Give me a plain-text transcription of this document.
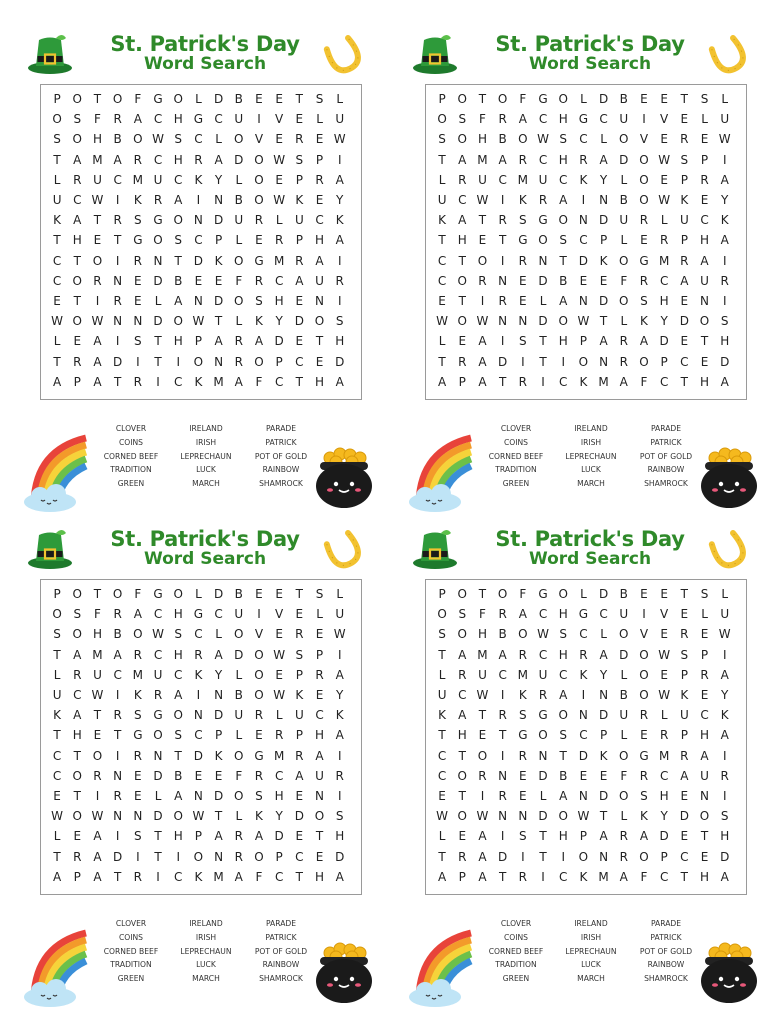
St. Patrick's Day
Word Search
P O T O	F	G O	L	D B	E	E	T	S	L
O S	F	R A C H G C U	I	V	E	L	U
S O H B O W S	C	L	O V	E	R	E W
T	A M A R C H R A D O W S	P	I
L	R U C M U C	K	Y	L	O E	P	R A
U C W	I	K	R A	I	N B O W K	E	Y
K	A	T	R	S G O N D U R	L	U C	K
T	H E	T G O S	C	P	L	E	R	P	H A
C	T O	I	R N	T D K O G M R A	I
C O R N E D B	E	E	F	R C A U R
E	T	I	R	E	L	A N D O S H E N	I
W O W N N D O W T	L	K	Y D O S
L	E	A	I	S	T	H	P	A R A D E	T	H
T	R A D	I	T	I	O N R O P	C	E D
A	P	A	T	R	I	C	K M A	F	C	T	H A
CLOVER
COINS
CORNED BEEF
TRADITION
GREEN
IRELAND
IRISH
LEPRECHAUN
LUCK
MARCH
PARADE
PATRICK
POT OF GOLD
RAINBOW
SHAMROCK
St. Patrick's Day
Word Search
P O T O	F	G O	L	D B	E	E	T	S	L
O S	F	R A C H G C U	I	V	E	L	U
S O H B O W S	C	L	O V	E	R	E W
T	A M A R C H R A D O W S	P	I
L	R U C M U C	K	Y	L	O E	P	R A
U C W	I	K	R A	I	N B O W K	E	Y
K	A	T	R	S G O N D U R	L	U C	K
T	H E	T G O S	C	P	L	E	R	P	H A
C	T O	I	R N	T D K O G M R A	I
C O R N E D B	E	E	F	R C A U R
E	T	I	R	E	L	A N D O S H E N	I
W O W N N D O W T	L	K	Y D O S
L	E	A	I	S	T	H	P	A R A D E	T	H
T	R A D	I	T	I	O N R O P	C	E D
A	P	A	T	R	I	C	K M A	F	C	T	H A
CLOVER
COINS
CORNED BEEF
TRADITION
GREEN
IRELAND
IRISH
LEPRECHAUN
LUCK
MARCH
PARADE
PATRICK
POT OF GOLD
RAINBOW
SHAMROCK
St. Patrick's Day
Word Search
P O T O	F	G O	L	D B	E	E	T	S	L
O S	F	R A C H G C U	I	V	E	L	U
S O H B O W S	C	L	O V	E	R	E W
T	A M A R C H R A D O W S	P	I
L	R U C M U C	K	Y	L	O E	P	R A
U C W	I	K	R A	I	N B O W K	E	Y
K	A	T	R	S G O N D U R	L	U C	K
T	H E	T G O S	C	P	L	E	R	P	H A
C	T O	I	R N	T D K O G M R A	I
C O R N E D B	E	E	F	R C A U R
E	T	I	R	E	L	A N D O S H E N	I
W O W N N D O W T	L	K	Y D O S
L	E	A	I	S	T	H	P	A R A D E	T	H
T	R A D	I	T	I	O N R O P	C	E D
A	P	A	T	R	I	C	K M A	F	C	T	H A
CLOVER
COINS
CORNED BEEF
TRADITION
GREEN
IRELAND
IRISH
LEPRECHAUN
LUCK
MARCH
PARADE
PATRICK
POT OF GOLD
RAINBOW
SHAMROCK
St. Patrick's Day
Word Search
P O T O	F	G O	L	D B	E	E	T	S	L
O S	F	R A C H G C U	I	V	E	L	U
S O H B O W S	C	L	O V	E	R	E W
T	A M A R C H R A D O W S	P	I
L	R U C M U C	K	Y	L	O E	P	R A
U C W	I	K	R A	I	N B O W K	E	Y
K	A	T	R	S G O N D U R	L	U C	K
T	H E	T G O S	C	P	L	E	R	P	H A
C	T O	I	R N	T D K O G M R A	I
C O R N E D B	E	E	F	R C A U R
E	T	I	R	E	L	A N D O S H E N	I
W O W N N D O W T	L	K	Y D O S
L	E	A	I	S	T	H	P	A R A D E	T	H
T	R A D	I	T	I	O N R O P	C	E D
A	P	A	T	R	I	C	K M A	F	C	T	H A
CLOVER
COINS
CORNED BEEF
TRADITION
GREEN
IRELAND
IRISH
LEPRECHAUN
LUCK
MARCH
PARADE
PATRICK
POT OF GOLD
RAINBOW
SHAMROCK
